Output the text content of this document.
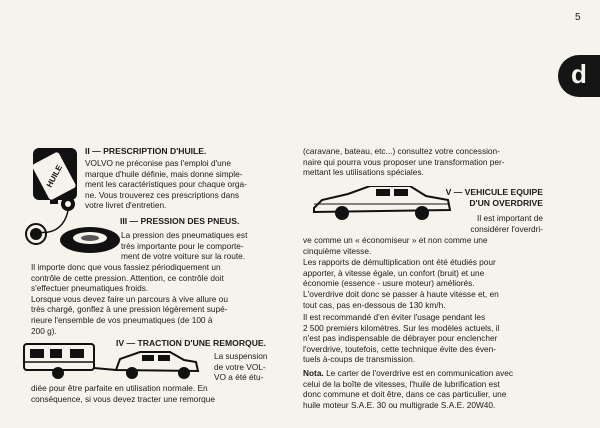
5
d
HUILE

II — PRESCRIPTION D'HUILE.

VOLVO ne préconise pas l'emploi d'une

marque d'huile définie, mais donne simple-

ment les caractéristiques pour chaque orga-

ne. Vous trouverez ces prescriptions dans

votre livret d'entretien.

III — PRESSION DES PNEUS.

La pression des pneumatiques est

très importante pour le comporte-

ment de votre voiture sur la route.

Il importe donc que vous fassiez périodiquement un

contrôle de cette pression. Attention, ce contrôle doit

s'effectuer pneumatiques froids.

Lorsque vous devez faire un parcours à vive allure ou

très chargé, gonflez à une pression légèrement supé-

rieure l'ensemble de vos pneumatiques (de 100 à

200 g).

IV — TRACTION D'UNE REMORQUE.

La suspension

de votre VOL-

VO a été étu-

diée pour être parfaite en utilisation normale. En

conséquence, si vous devez tracter une remorque

(caravane, bateau, etc...) consultez votre concession-

naire qui pourra vous proposer une transformation per-

mettant les utilisations spéciales.

V — VEHICULE EQUIPE

D'UN OVERDRIVE

Il est important de

considérer l'overdri-

ve comme un « économiseur » et non comme une

cinquième vitesse.

Les rapports de démultiplication ont été étudiés pour

apporter, à vitesse égale, un confort (bruit) et une

économie (essence - usure moteur) améliorés.

L'overdrive doit donc se passer à haute vitesse et, en

tout cas, pas en-dessous de 130 km/h.

Il est recommandé d'en éviter l'usage pendant les

2 500 premiers kilomètres. Sur les modèles actuels, il

n'est pas indispensable de débrayer pour enclencher

l'overdrive, toutefois, cette technique évite des éven-

tuels à-coups de transmission.

Nota. Le carter de l'overdrive est en communication avec

celui de la boîte de vitesses, l'huile de lubrification est

donc commune et doit être, dans ce cas particulier, une

huile moteur S.A.E. 30 ou multigrade S.A.E. 20W40.
